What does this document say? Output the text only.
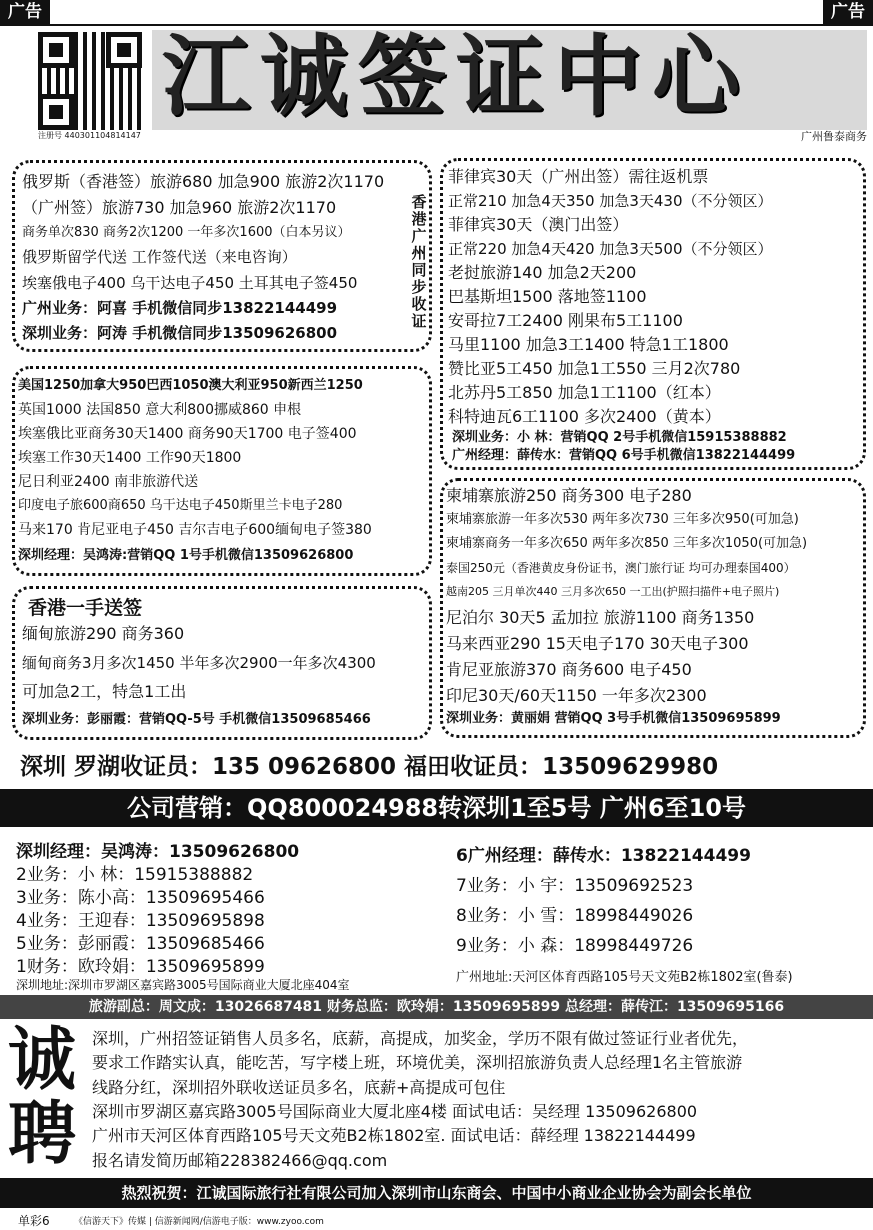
广告	广告
注册号 440301104814147
江诚签证中心
广州鲁泰商务
俄罗斯（香港签）旅游680 加急900 旅游2次1170
（广州签）旅游730 加急960 旅游2次1170
商务单次830 商务2次1200 一年多次1600（白本另议）
俄罗斯留学代送 工作签代送（来电咨询）
埃塞俄电子400 乌干达电子450 土耳其电子签450
广州业务：阿喜 手机微信同步13822144499
深圳业务：阿涛 手机微信同步13509626800
香港广州同步收证
美国1250加拿大950巴西1050澳大利亚950新西兰1250
英国1000 法国850 意大利800挪威860 申根
埃塞俄比亚商务30天1400 商务90天1700 电子签400
埃塞工作30天1400 工作90天1800
尼日利亚2400 南非旅游代送
印度电子旅600商650 乌干达电子450斯里兰卡电子280
马来170 肯尼亚电子450 吉尔吉电子600缅甸电子签380
深圳经理：吴鸿涛:营销QQ 1号手机微信13509626800
香港一手送签
缅甸旅游290 商务360
缅甸商务3月多次1450 半年多次2900一年多次4300
可加急2工，特急1工出
深圳业务：彭丽霞：营销QQ-5号 手机微信13509685466
菲律宾30天（广州出签）需往返机票
正常210 加急4天350 加急3天430（不分领区）
菲律宾30天（澳门出签）
正常220 加急4天420 加急3天500（不分领区）
老挝旅游140 加急2天200
巴基斯坦1500 落地签1100
安哥拉7工2400 刚果布5工1100
马里1100 加急3工1400 特急1工1800
赞比亚5工450 加急1工550 三月2次780
北苏丹5工850 加急1工1100（红本）
科特迪瓦6工1100 多次2400（黄本）
深圳业务：小 林：营销QQ 2号手机微信15915388882
广州经理：薛传水：营销QQ 6号手机微信13822144499
柬埔寨旅游250 商务300 电子280
柬埔寨旅游一年多次530 两年多次730 三年多次950(可加急)
柬埔寨商务一年多次650 两年多次850 三年多次1050(可加急)
泰国250元（香港黄皮身份证书，澳门旅行证 均可办理泰国400）
越南205 三月单次440 三月多次650 一工出(护照扫描件+电子照片)
尼泊尔 30天5 孟加拉 旅游1100 商务1350
马来西亚290 15天电子170 30天电子300
肯尼亚旅游370 商务600 电子450
印尼30天/60天1150 一年多次2300
深圳业务：黄丽娟 营销QQ 3号手机微信13509695899
深圳 罗湖收证员：135 09626800 福田收证员：13509629980
公司营销：QQ800024988转深圳1至5号 广州6至10号
深圳经理：吴鸿涛：13509626800
2业务：小 林：15915388882
3业务：陈小高：13509695466
4业务：王迎春：13509695898
5业务：彭丽霞：13509685466
1财务：欧玲娟：13509695899
深圳地址:深圳市罗湖区嘉宾路3005号国际商业大厦北座404室
6广州经理：薛传水：13822144499
7业务：小 宇：13509692523
8业务：小 雪：18998449026
9业务：小 森：18998449726
广州地址:天河区体育西路105号天文苑B2栋1802室(鲁泰)
旅游副总：周文成：13026687481 财务总监：欧玲娟：13509695899 总经理：薛传江：13509695166
诚
聘
深圳，广州招签证销售人员多名，底薪，高提成，加奖金，学历不限有做过签证行业者优先，
要求工作踏实认真，能吃苦，写字楼上班，环境优美，深圳招旅游负责人总经理1名主管旅游
线路分红，深圳招外联收送证员多名，底薪+高提成可包住
深圳市罗湖区嘉宾路3005号国际商业大厦北座4楼 面试电话：吴经理 13509626800
广州市天河区体育西路105号天文苑B2栋1802室. 面试电话：薛经理 13822144499
报名请发简历邮箱228382466@qq.com
热烈祝贺：江诚国际旅行社有限公司加入深圳市山东商会、中国中小商业企业协会为副会长单位
单彩6	《信游天下》传媒 | 信游新闻网/信游电子版：www.zyoo.com
